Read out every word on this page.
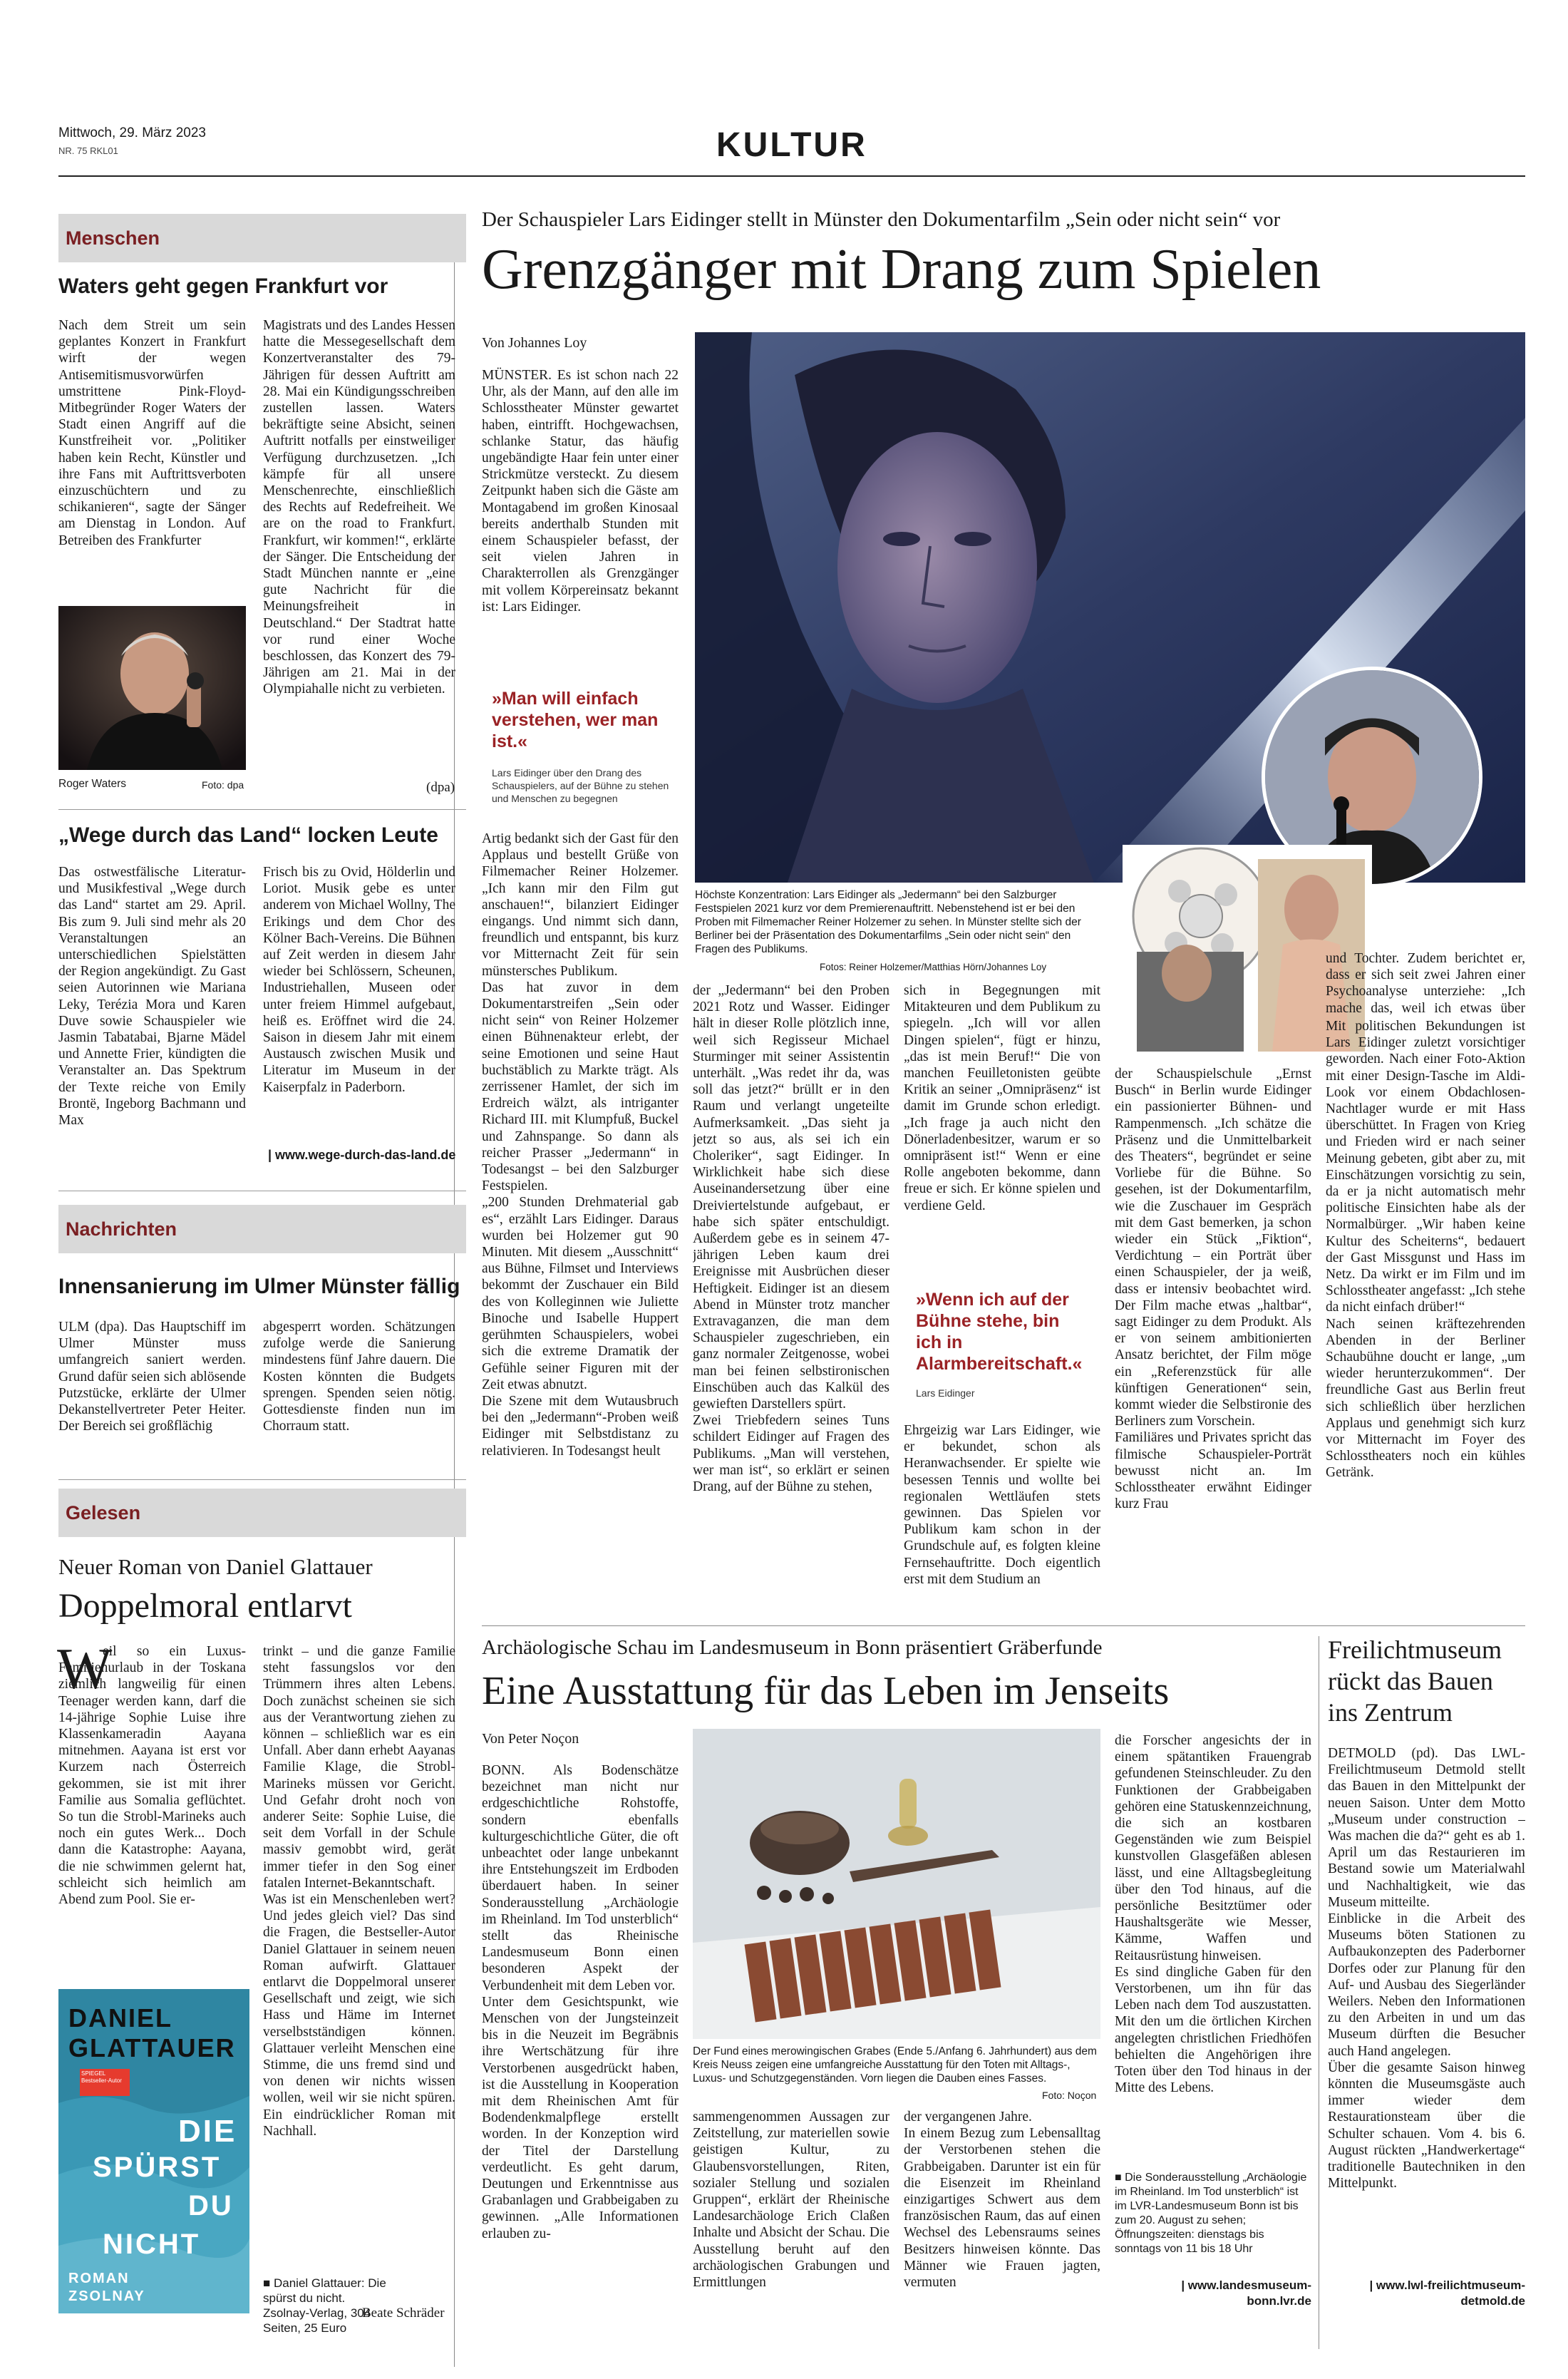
Mittwoch, 29. März 2023
NR. 75 RKL01	KULTUR
Menschen
Waters geht gegen Frankfurt vor
Nach dem Streit um sein geplantes Konzert in Frankfurt wirft der wegen Antisemitismusvorwürfen umstrittene Pink-Floyd-Mitbegründer Roger Waters der Stadt einen Angriff auf die Kunstfreiheit vor. „Politiker haben kein Recht, Künstler und ihre Fans mit Auftrittsverboten einzuschüchtern und zu schikanieren“, sagte der Sänger am Dienstag in London. Auf Betreiben des Frankfurter
Roger Waters	Foto: dpa
Magistrats und des Landes Hessen hatte die Messegesellschaft dem Konzertveranstalter des 79-Jährigen für dessen Auftritt am 28. Mai ein Kündigungsschreiben zustellen lassen. Waters bekräftigte seine Absicht, seinen Auftritt notfalls per einstweiliger Verfügung durchzusetzen. „Ich kämpfe für all unsere Menschenrechte, einschließlich des Rechts auf Redefreiheit. We are on the road to Frankfurt. Frankfurt, wir kommen!“, erklärte der Sänger. Die Entscheidung der Stadt München nannte er „eine gute Nachricht für die Meinungsfreiheit in Deutschland.“ Der Stadtrat hatte vor rund einer Woche beschlossen, das Konzert des 79-Jährigen am 21. Mai in der Olympiahalle nicht zu verbieten.
(dpa)
„Wege durch das Land“ locken Leute
Das ostwestfälische Literatur- und Musikfestival „Wege durch das Land“ startet am 29. April. Bis zum 9. Juli sind mehr als 20 Veranstaltungen an unterschiedlichen Spielstätten der Region angekündigt. Zu Gast seien Autorinnen wie Mariana Leky, Terézia Mora und Karen Duve sowie Schauspieler wie Jasmin Tabatabai, Bjarne Mädel und Annette Frier, kündigten die Veranstalter an. Das Spektrum der Texte reiche von Emily Brontë, Ingeborg Bachmann und Max
Frisch bis zu Ovid, Hölderlin und Loriot. Musik gebe es unter anderem von Michael Wollny, The Erikings und dem Chor des Kölner Bach-Vereins. Die Bühnen auf Zeit werden in diesem Jahr wieder bei Schlössern, Scheunen, Industriehallen, Museen oder unter freiem Himmel aufgebaut, heiß es. Eröffnet wird die 24. Saison in diesem Jahr mit einem Austausch zwischen Musik und Literatur im Museum in der Kaiserpfalz in Paderborn.
| www.wege-durch-das-land.de
Nachrichten
Innensanierung im Ulmer Münster fällig
ULM (dpa). Das Hauptschiff im Ulmer Münster muss umfangreich saniert werden. Grund dafür seien sich ablösende Putzstücke, erklärte der Ulmer Dekanstellvertreter Peter Heiter. Der Bereich sei großflächig
abgesperrt worden. Schätzungen zufolge werde die Sanierung mindestens fünf Jahre dauern. Die Kosten könnten die Budgets sprengen. Spenden seien nötig. Gottesdienste finden nun im Chorraum statt.
Gelesen
Neuer Roman von Daniel Glattauer
Doppelmoral entlarvt
W
eil so ein Luxus-Familienurlaub in der Toskana ziemlich langweilig für einen Teenager werden kann, darf die 14-jährige Sophie Luise ihre Klassenkameradin Aayana mitnehmen. Aayana ist erst vor Kurzem nach Österreich gekommen, sie ist mit ihrer Familie aus Somalia geflüchtet. So tun die Strobl-Marineks auch noch ein gutes Werk... Doch dann die Katastrophe: Aayana, die nie schwimmen gelernt hat, schleicht sich heimlich am Abend zum Pool. Sie er-
trinkt – und die ganze Familie steht fassungslos vor den Trümmern ihres alten Lebens. Doch zunächst scheinen sie sich aus der Verantwortung ziehen zu können – schließlich war es ein Unfall. Aber dann erhebt Aayanas Familie Klage, die Strobl-Marineks müssen vor Gericht. Und Gefahr droht noch von anderer Seite: Sophie Luise, die seit dem Vorfall in der Schule massiv gemobbt wird, gerät immer tiefer in den Sog einer fatalen Internet-Bekanntschaft.
Was ist ein Menschenleben wert? Und jedes gleich viel? Das sind die Fragen, die Bestseller-Autor Daniel Glattauer in seinem neuen Roman aufwirft. Glattauer entlarvt die Doppelmoral unserer Gesellschaft und zeigt, wie sich Hass und Häme im Internet verselbstständigen können. Glattauer verleiht Menschen eine Stimme, die uns fremd sind und von denen wir nichts wissen wollen, weil wir sie nicht spüren. Ein eindrücklicher Roman mit Nachhall.
■ Daniel Glattauer: Die spürst du nicht. Zsolnay-Verlag, 304 Seiten, 25 Euro
Beate Schräder
DANIEL
GLATTAUER
SPIEGEL Bestseller-Autor
DIE
SPÜRST
DU
NICHT
ROMAN
ZSOLNAY
Der Schauspieler Lars Eidinger stellt in Münster den Dokumentarfilm „Sein oder nicht sein“ vor
Grenzgänger mit Drang zum Spielen
Von Johannes Loy
MÜNSTER. Es ist schon nach 22 Uhr, als der Mann, auf den alle im Schlosstheater Münster gewartet haben, eintrifft. Hochgewachsen, schlanke Statur, das häufig ungebändigte Haar fein unter einer Strickmütze versteckt. Zu diesem Zeitpunkt haben sich die Gäste am Montagabend im großen Kinosaal bereits anderthalb Stunden mit einem Schauspieler befasst, der seit vielen Jahren in Charakterrollen als Grenzgänger mit vollem Körpereinsatz bekannt ist: Lars Eidinger.
»Man will einfach verstehen, wer man ist.«
Lars Eidinger über den Drang des Schauspielers, auf der Bühne zu stehen und Menschen zu begegnen
Höchste Konzentration: Lars Eidinger als „Jedermann“ bei den Salzburger Festspielen 2021 kurz vor dem Premierenauftritt. Nebenstehend ist er bei den Proben mit Filmemacher Reiner Holzemer zu sehen. In Münster stellte sich der Berliner bei der Präsentation des Dokumentarfilms „Sein oder nicht sein“ den Fragen des Publikums.
Fotos: Reiner Holzemer/Matthias Hörn/Johannes Loy
Artig bedankt sich der Gast für den Applaus und bestellt Grüße von Filmemacher Reiner Holzemer. „Ich kann mir den Film gut anschauen!“, bilanziert Eidinger eingangs. Und nimmt sich dann, freundlich und entspannt, bis kurz vor Mitternacht Zeit für sein münstersches Publikum.
Das hat zuvor in dem Dokumentarstreifen „Sein oder nicht sein“ von Reiner Holzemer einen Bühnenakteur erlebt, der seine Emotionen und seine Haut buchstäblich zu Markte trägt. Als zerrissener Hamlet, der sich im Erdreich wälzt, als intriganter Richard III. mit Klumpfuß, Buckel und Zahnspange. So dann als reicher Prasser „Jedermann“ in Todesangst – bei den Salzburger Festspielen.
„200 Stunden Drehmaterial gab es“, erzählt Lars Eidinger. Daraus wurden bei Holzemer gut 90 Minuten. Mit diesem „Ausschnitt“ aus Bühne, Filmset und Interviews bekommt der Zuschauer ein Bild des von Kolleginnen wie Juliette Binoche und Isabelle Huppert gerühmten Schauspielers, wobei sich die extreme Dramatik der Gefühle seiner Figuren mit der Zeit etwas abnutzt.
Die Szene mit dem Wutausbruch bei den „Jedermann“-Proben weiß Eidinger mit Selbstdistanz zu relativieren. In Todesangst heult
der „Jedermann“ bei den Proben 2021 Rotz und Wasser. Eidinger hält in dieser Rolle plötzlich inne, weil sich Regisseur Michael Sturminger mit seiner Assistentin unterhält. „Was redet ihr da, was soll das jetzt?“ brüllt er in den Raum und verlangt ungeteilte Aufmerksamkeit. „Das sieht ja jetzt so aus, als sei ich ein Choleriker“, sagt Eidinger. In Wirklichkeit habe sich diese Auseinandersetzung über eine Dreiviertelstunde aufgebaut, er habe sich später entschuldigt. Außerdem gebe es in seinem 47-jährigen Leben kaum drei Ereignisse mit Ausbrüchen dieser Heftigkeit. Eidinger ist an diesem Abend in Münster trotz mancher Extravaganzen, die man dem Schauspieler zugeschrieben, ein ganz normaler Zeitgenosse, wobei man bei feinen selbstironischen Einschüben auch das Kalkül des gewieften Darstellers spürt.
Zwei Triebfedern seines Tuns schildert Eidinger auf Fragen des Publikums. „Man will verstehen, wer man ist“, so erklärt er seinen Drang, auf der Bühne zu stehen,
sich in Begegnungen mit Mitakteuren und dem Publikum zu spiegeln. „Ich will vor allen Dingen spielen“, fügt er hinzu, „das ist mein Beruf!“ Die von manchen Feuilletonisten geübte Kritik an seiner „Omnipräsenz“ ist damit im Grunde schon erledigt. „Ich frage ja auch nicht den Dönerladenbesitzer, warum er so omnipräsent ist!“ Wenn er eine Rolle angeboten bekomme, dann freue er sich. Er könne spielen und verdiene Geld.
»Wenn ich auf der Bühne stehe, bin ich in Alarmbereitschaft.«
Lars Eidinger
Ehrgeizig war Lars Eidinger, wie er bekundet, schon als Heranwachsender. Er spielte wie besessen Tennis und wollte bei regionalen Wettläufen stets gewinnen. Das Spielen vor Publikum kam schon in der Grundschule auf, es folgten kleine Fernsehauftritte. Doch eigentlich erst mit dem Studium an
der Schauspielschule „Ernst Busch“ in Berlin wurde Eidinger ein passionierter Bühnen- und Rampenmensch. „Ich schätze die Präsenz und die Unmittelbarkeit des Theaters“, begründet er seine Vorliebe für die Bühne. So gesehen, ist der Dokumentarfilm, wie die Zuschauer im Gespräch mit dem Gast bemerken, ja schon wieder ein Stück „Fiktion“, Verdichtung – ein Porträt über einen Schauspieler, der ja weiß, dass er intensiv beobachtet wird. Der Film mache etwas „haltbar“, sagt Eidinger zu dem Produkt. Als er von seinem ambitionierten Ansatz berichtet, der Film möge ein „Referenzstück für alle künftigen Generationen“ sein, kommt wieder die Selbstironie des Berliners zum Vorschein.
Familiäres und Privates spricht das filmische Schauspieler-Porträt bewusst nicht an. Im Schlosstheater erwähnt Eidinger kurz Frau
und Tochter. Zudem berichtet er, dass er sich seit zwei Jahren einer Psychoanalyse unterziehe: „Ich mache das, weil ich etwas über
Mit politischen Bekundungen ist Lars Eidinger zuletzt vorsichtiger geworden. Nach einer Foto-Aktion mit einer Design-Tasche im Aldi-Look vor einem Obdachlosen-Nachtlager wurde er mit Hass überschüttet. In Fragen von Krieg und Frieden wird er nach seiner Meinung gebeten, gibt aber zu, mit Einschätzungen vorsichtig zu sein, da er ja nicht automatisch mehr politische Einsichten habe als der Normalbürger. „Wir haben keine Kultur des Scheiterns“, bedauert der Gast Missgunst und Hass im Netz. Da wirkt er im Film und im Schlosstheater angefasst: „Ich stehe da nicht einfach drüber!“
Nach seinen kräftezehrenden Abenden in der Berliner Schaubühne doucht er lange, „um wieder herunterzukommen“. Der freundliche Gast aus Berlin freut sich schließlich über herzlichen Applaus und genehmigt sich kurz vor Mitternacht im Foyer des Schlosstheaters noch ein kühles Getränk.
Archäologische Schau im Landesmuseum in Bonn präsentiert Gräberfunde
Eine Ausstattung für das Leben im Jenseits
Von Peter Noçon
BONN. Als Bodenschätze bezeichnet man nicht nur erdgeschichtliche Rohstoffe, sondern ebenfalls kulturgeschichtliche Güter, die oft unbeachtet oder lange unbekannt ihre Entstehungszeit im Erdboden überdauert haben. In seiner Sonderausstellung „Archäologie im Rheinland. Im Tod unsterblich“ stellt das Rheinische Landesmuseum Bonn einen besonderen Aspekt der Verbundenheit mit dem Leben vor.
Unter dem Gesichtspunkt, wie Menschen von der Jungsteinzeit bis in die Neuzeit im Begräbnis ihre Wertschätzung für ihre Verstorbenen ausgedrückt haben, ist die Ausstellung in Kooperation mit dem Rheinischen Amt für Bodendenkmalpflege erstellt worden. In der Konzeption wird der Titel der Darstellung verdeutlicht. Es geht darum, Deutungen und Erkenntnisse aus Grabanlagen und Grabbeigaben zu gewinnen. „Alle Informationen erlauben zu-
Der Fund eines merowingischen Grabes (Ende 5./Anfang 6. Jahrhundert) aus dem Kreis Neuss zeigen eine umfangreiche Ausstattung für den Toten mit Alltags-, Luxus- und Schutzgegenständen. Vorn liegen die Dauben eines Fasses.
Foto: Noçon
sammengenommen Aussagen zur Zeitstellung, zur materiellen sowie geistigen Kultur, zu Glaubensvorstellungen, Riten, sozialer Stellung und sozialen Gruppen“, erklärt der Rheinische Landesarchäologe Erich Claßen Inhalte und Absicht der Schau. Die Ausstellung beruht auf den archäologischen Grabungen und Ermittlungen
der vergangenen Jahre.
In einem Bezug zum Lebensalltag der Verstorbenen stehen die Grabbeigaben. Darunter ist ein für die Eisenzeit im Rheinland einzigartiges Schwert aus dem französischen Raum, das auf einen Wechsel des Lebensraums seines Besitzers hinweisen könnte. Das Männer wie Frauen jagten, vermuten
die Forscher angesichts der in einem spätantiken Frauengrab gefundenen Steinschleuder. Zu den Funktionen der Grabbeigaben gehören eine Statuskennzeichnung, die sich an kostbaren Gegenständen wie zum Beispiel kunstvollen Glasgefäßen ablesen lässt, und eine Alltagsbegleitung über den Tod hinaus, auf die persönliche Besitztümer oder Haushaltsgeräte wie Messer, Kämme, Waffen und Reitausrüstung hinweisen.
Es sind dingliche Gaben für den Verstorbenen, um ihn für das Leben nach dem Tod auszustatten. Mit den um die örtlichen Kirchen angelegten christlichen Friedhöfen behielten die Angehörigen ihre Toten über den Tod hinaus in der Mitte des Lebens.
■ Die Sonderausstellung „Archäologie im Rheinland. Im Tod unsterblich“ ist im LVR-Landesmuseum Bonn ist bis zum 20. August zu sehen; Öffnungszeiten: dienstags bis sonntags von 11 bis 18 Uhr
| www.landesmuseum-bonn.lvr.de
Freilichtmuseum rückt das Bauen ins Zentrum
DETMOLD (pd). Das LWL-Freilichtmuseum Detmold stellt das Bauen in den Mittelpunkt der neuen Saison. Unter dem Motto „Museum under construction – Was machen die da?“ geht es ab 1. April um das Restaurieren im Bestand sowie um Materialwahl und Nachhaltigkeit, wie das Museum mitteilte.
Einblicke in die Arbeit des Museums böten Stationen zu Aufbaukonzepten des Paderborner Dorfes oder zur Planung für den Auf- und Ausbau des Siegerländer Weilers. Neben den Informationen zu den Arbeiten in und um das Museum dürften die Besucher auch Hand angelegen.
Über die gesamte Saison hinweg könnten die Museumsgäste auch immer wieder dem Restaurationsteam über die Schulter schauen. Vom 4. bis 6. August rückten „Handwerkertage“ traditionelle Bautechniken in den Mittelpunkt.
| www.lwl-freilichtmuseum-detmold.de
